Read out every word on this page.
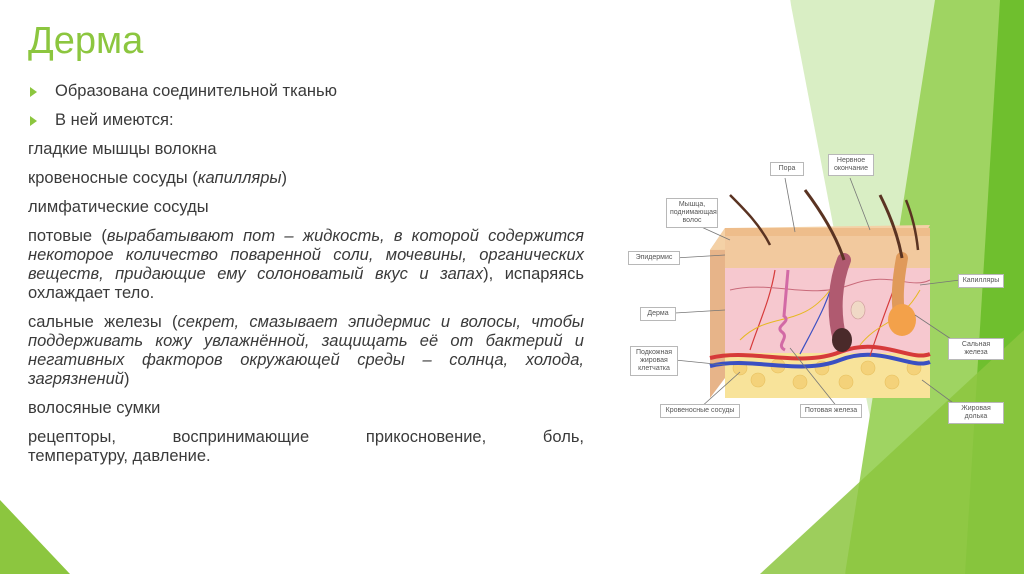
Дерма
Образована соединительной тканью
В ней имеются:
гладкие мышцы волокна
кровеносные сосуды (капилляры)
лимфатические сосуды
потовые (вырабатывают пот – жидкость, в которой содержится некоторое количество поваренной соли, мочевины, органических веществ, придающие ему солоноватый вкус и запах), испаряясь охлаждает тело.
сальные железы (секрет, смазывает эпидермис и волосы, чтобы поддерживать кожу увлажнённой, защищать её от бактерий и негативных факторов окружающей среды – солнца, холода, загрязнений)
волосяные сумки
рецепторы, воспринимающие прикосновение, боль,
температуру, давление.
Пора
Нервное окончание
Мышца, поднимающая волос
Эпидермис
Дерма
Подкожная жировая клетчатка
Кровеносные сосуды	Потовая железа
Капилляры
Сальная железа
Жировая долька
